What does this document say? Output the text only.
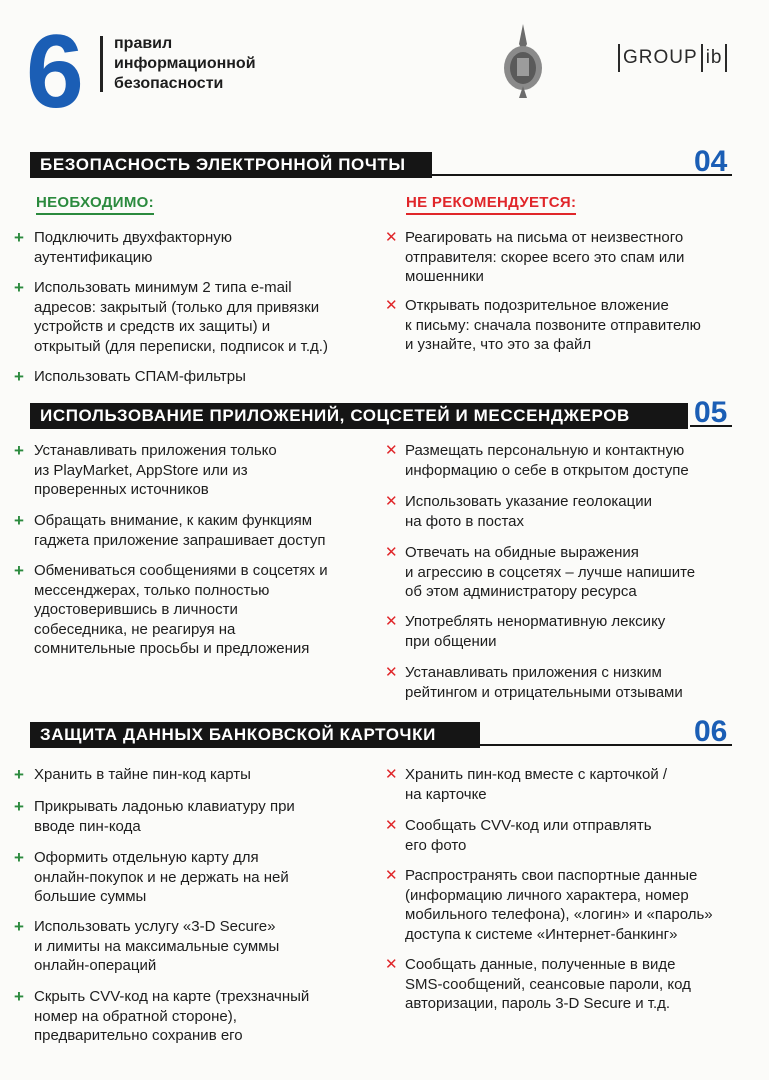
6 правил
информационной
безопасности
GROUP ib
БЕЗОПАСНОСТЬ ЭЛЕКТРОННОЙ ПОЧТЫ	04
НЕОБХОДИМО:	НЕ РЕКОМЕНДУЕТСЯ:
+ Подключить двухфакторную
аутентификацию
+ Использовать минимум 2 типа e-mail
адресов: закрытый (только для привязки
устройств и средств их защиты) и
открытый (для переписки, подписок и т.д.)
+ Использовать СПАМ-фильтры
✕ Реагировать на письма от неизвестного
отправителя: скорее всего это спам или
мошенники
✕ Открывать подозрительное вложение
к письму: сначала позвоните отправителю
и узнайте, что это за файл
ИСПОЛЬЗОВАНИЕ ПРИЛОЖЕНИЙ, СОЦСЕТЕЙ И МЕССЕНДЖЕРОВ	05
+ Устанавливать приложения только
из PlayMarket, AppStore или из
проверенных источников
+ Обращать внимание, к каким функциям
гаджета приложение запрашивает доступ
+ Обмениваться сообщениями в соцсетях и
мессенджерах, только полностью
удостоверившись в личности
собеседника, не реагируя на
сомнительные просьбы и предложения
✕ Размещать персональную и контактную
информацию о себе в открытом доступе
✕ Использовать указание геолокации
на фото в постах
✕ Отвечать на обидные выражения
и агрессию в соцсетях – лучше напишите
об этом администратору ресурса
✕ Употреблять ненормативную лексику
при общении
✕ Устанавливать приложения с низким
рейтингом и отрицательными отзывами
ЗАЩИТА ДАННЫХ БАНКОВСКОЙ КАРТОЧКИ	06
+ Хранить в тайне пин-код карты
+ Прикрывать ладонью клавиатуру при
вводе пин-кода
+ Оформить отдельную карту для
онлайн-покупок и не держать на ней
большие суммы
+ Использовать услугу «3-D Secure»
и лимиты на максимальные суммы
онлайн-операций
+ Скрыть CVV-код на карте (трехзначный
номер на обратной стороне),
предварительно сохранив его
✕ Хранить пин-код вместе с карточкой /
на карточке
✕ Сообщать CVV-код или отправлять
его фото
✕ Распространять свои паспортные данные
(информацию личного характера, номер
мобильного телефона), «логин» и «пароль»
доступа к системе «Интернет-банкинг»
✕ Сообщать данные, полученные в виде
SMS-сообщений, сеансовые пароли, код
авторизации, пароль 3-D Secure и т.д.
